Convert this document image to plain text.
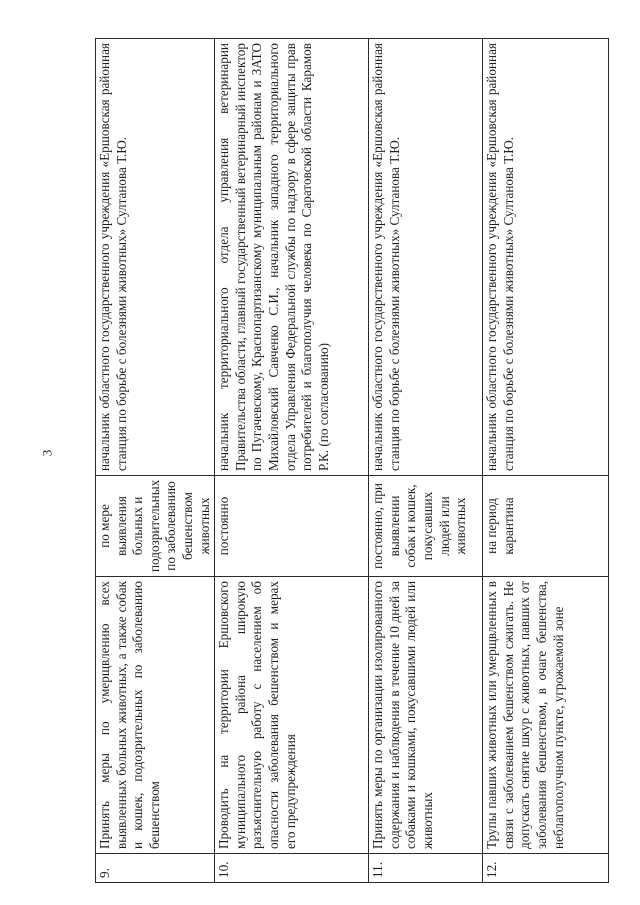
3
9.	Принять меры по умерщвлению всех выявленных больных животных, а также собак и кошек, подозрительных по заболеванию бешенством	по мере выявления больных и подозрительных по заболеванию бешенством животных	начальник областного государственного учреждения «Ершовская районная станция по борьбе с болезнями животных» Султанова Т.Ю.
10.	Проводить на территории Ершовского муниципального района широкую разъяснительную работу с населением об опасности заболевания бешенством и мерах его предупреждения	постоянно	начальник территориального отдела управления ветеринарии Правительства области, главный государственный ветеринарный инспектор по Пугачевскому, Краснопартизанскому муниципальным районам и ЗАТО Михайловский Савченко С.И., начальник западного территориального отдела Управления Федеральной службы по надзору в сфере защиты прав потребителей и благополучия человека по Саратовской области Карамов Р.К. (по согласованию)
11.	Принять меры по организации изолированного содержания и наблюдения в течение 10 дней за собаками и кошками, покусавшими людей или животных	постоянно, при выявлении собак и кошек, покусавших людей или животных	начальник областного государственного учреждения «Ершовская районная станция по борьбе с болезнями животных» Султанова Т.Ю.
12.	Трупы павших животных или умерщвленных в связи с заболеванием бешенством сжигать. Не допускать снятие шкур с животных, павших от заболевания бешенством, в очаге бешенства, неблагополучном пункте, угрожаемой зоне	на период карантина	начальник областного государственного учреждения «Ершовская районная станция по борьбе с болезнями животных» Султанова Т.Ю.
